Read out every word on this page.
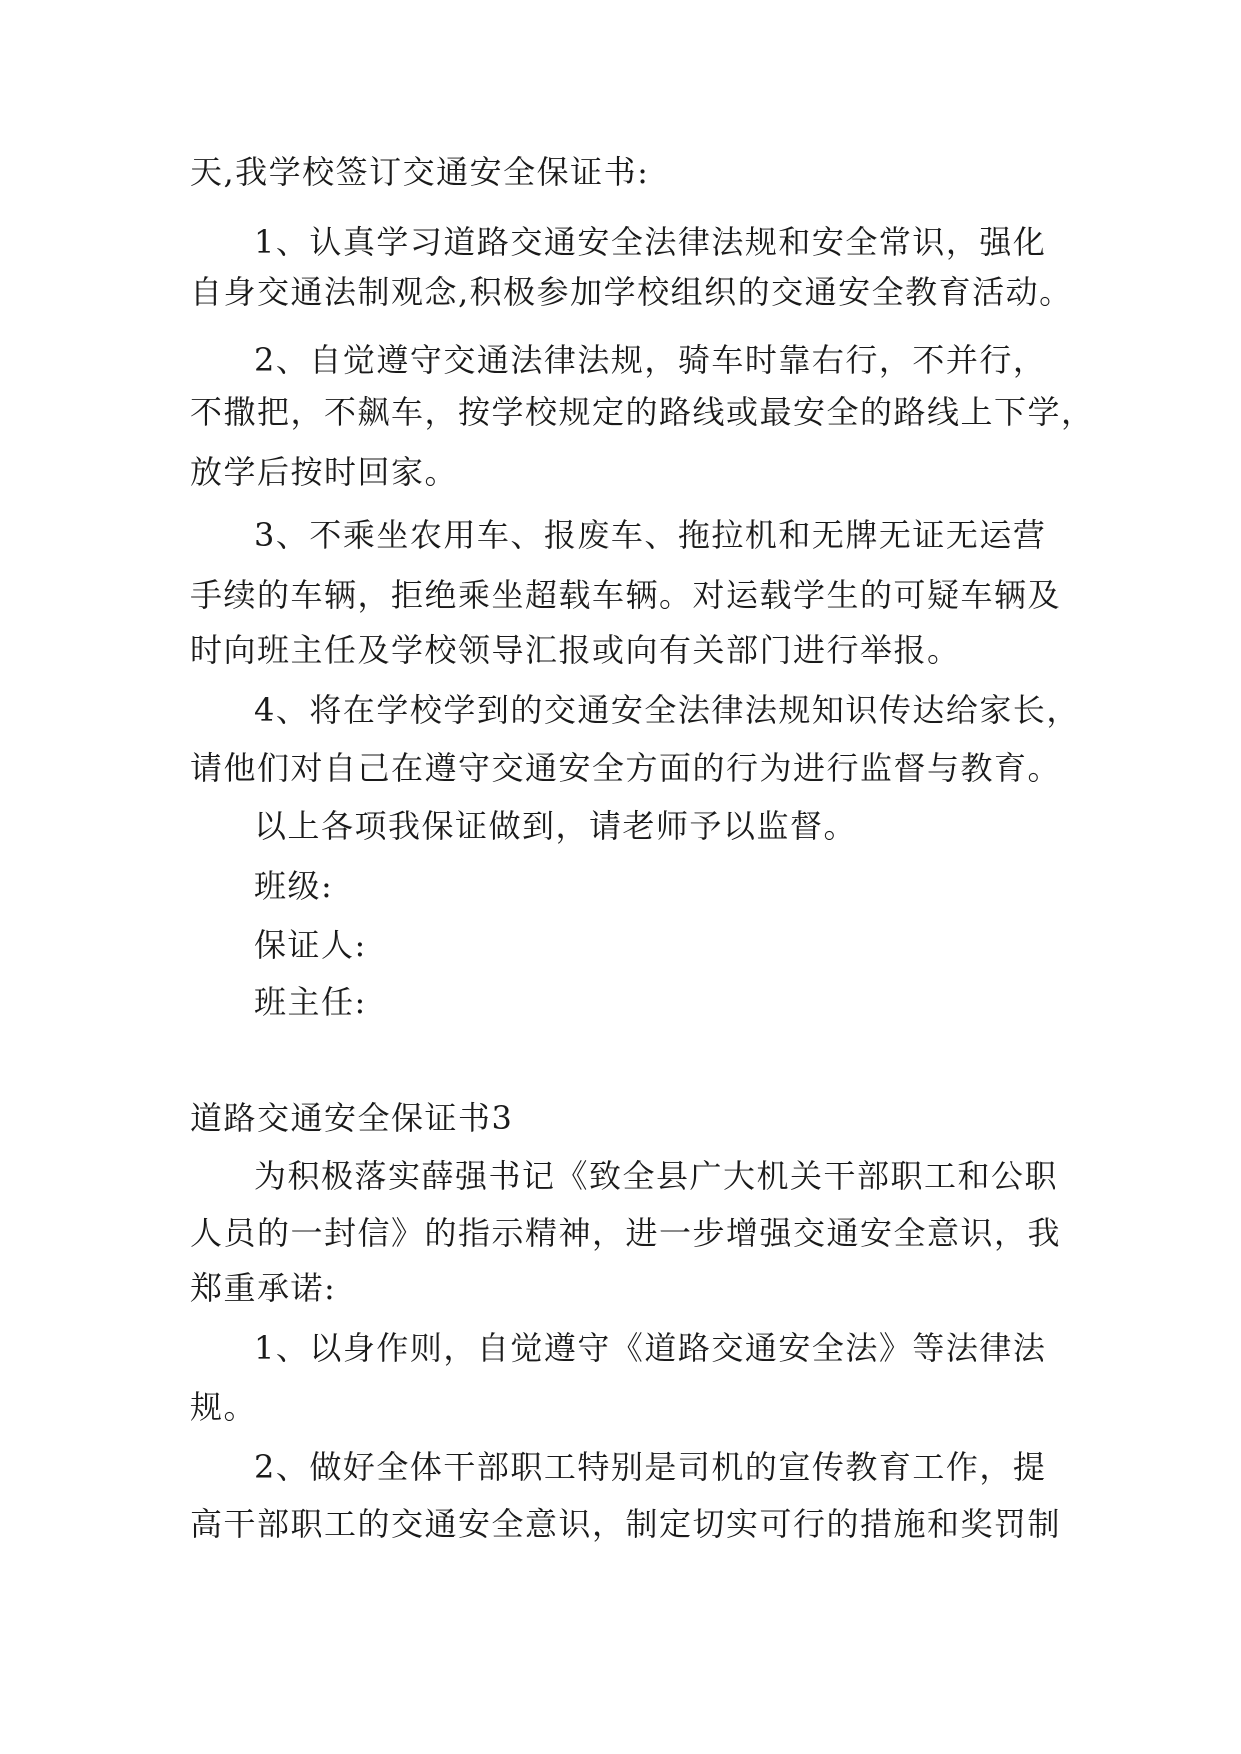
天,我学校签订交通安全保证书:
1、认真学习道路交通安全法律法规和安全常识，强化
自身交通法制观念,积极参加学校组织的交通安全教育活动。
2、自觉遵守交通法律法规，骑车时靠右行，不并行，
不撒把，不飙车，按学校规定的路线或最安全的路线上下学，
放学后按时回家。
3、不乘坐农用车、报废车、拖拉机和无牌无证无运营
手续的车辆，拒绝乘坐超载车辆。对运载学生的可疑车辆及
时向班主任及学校领导汇报或向有关部门进行举报。
4、将在学校学到的交通安全法律法规知识传达给家长，
请他们对自己在遵守交通安全方面的行为进行监督与教育。
以上各项我保证做到，请老师予以监督。
班级:
保证人:
班主任:
道路交通安全保证书3
为积极落实薛强书记《致全县广大机关干部职工和公职
人员的一封信》的指示精神，进一步增强交通安全意识，我
郑重承诺:
1、以身作则，自觉遵守《道路交通安全法》等法律法
规。
2、做好全体干部职工特别是司机的宣传教育工作，提
高干部职工的交通安全意识，制定切实可行的措施和奖罚制
